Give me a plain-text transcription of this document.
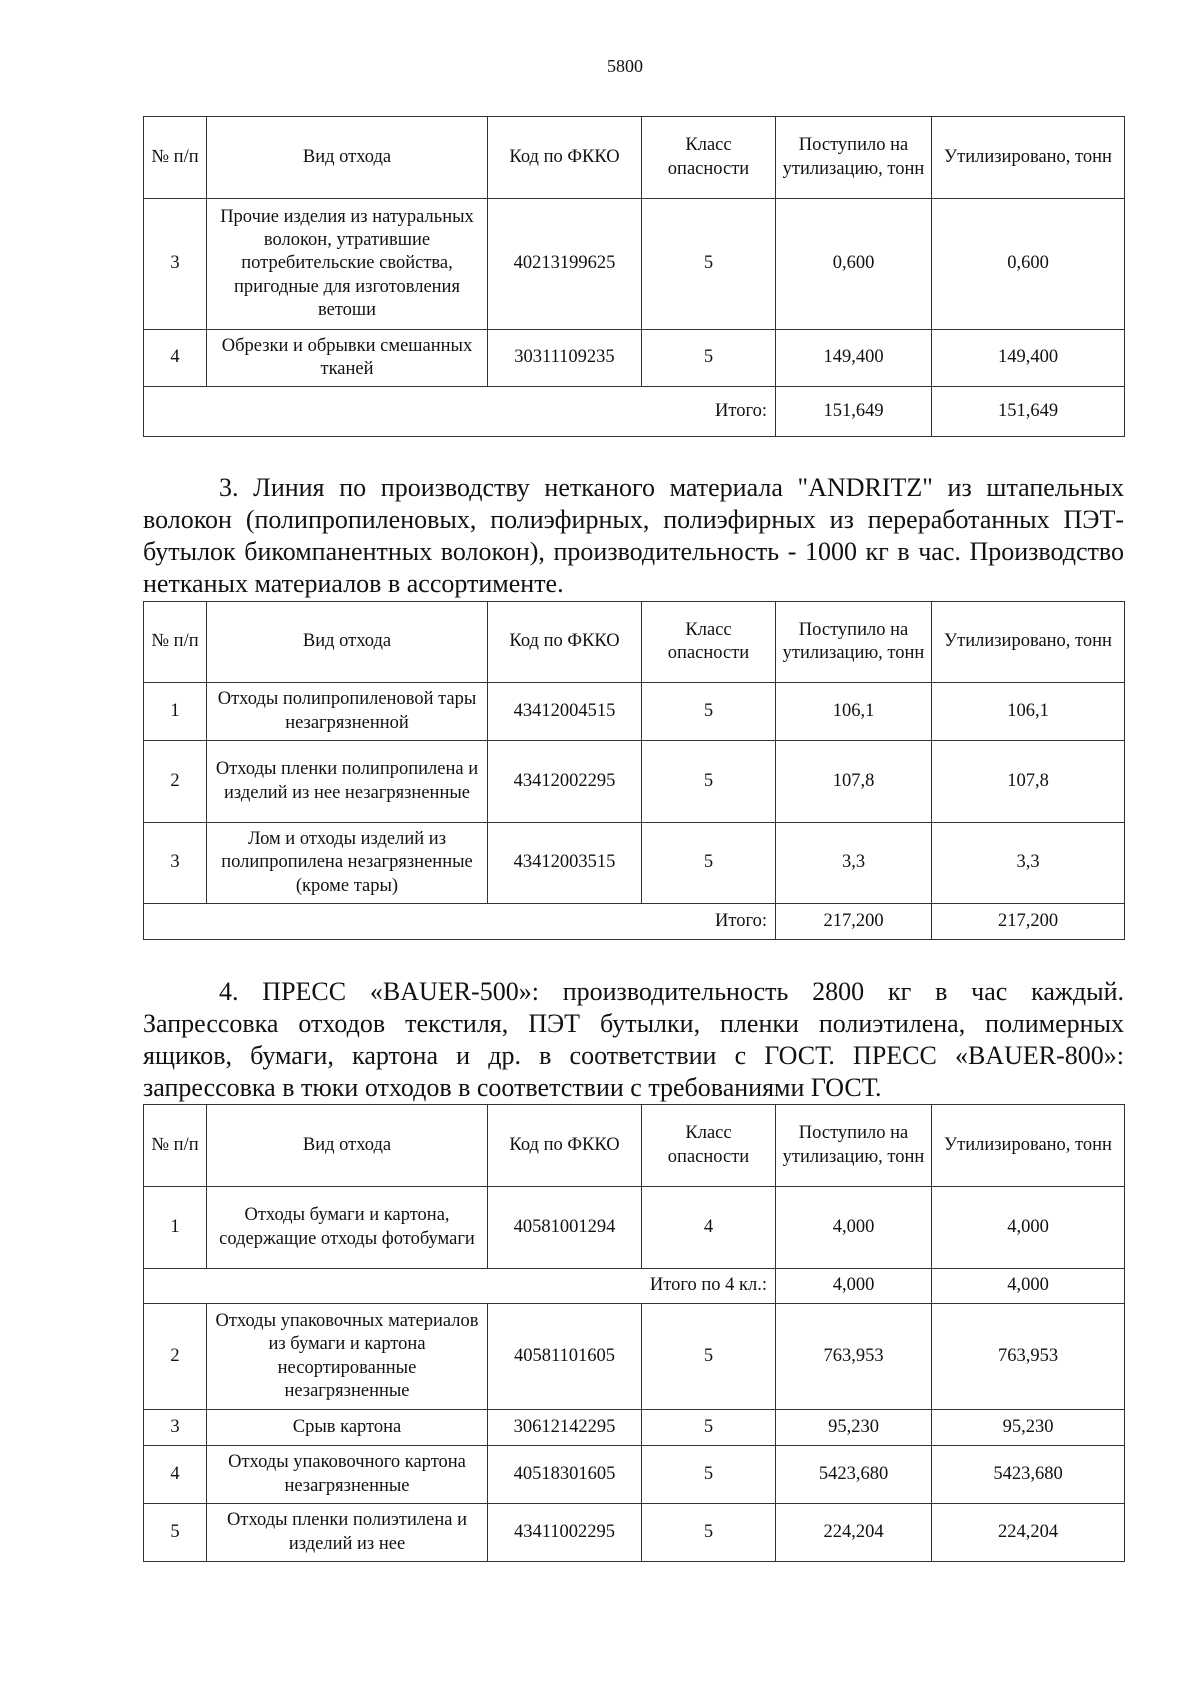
5800
№ п/п	Вид отхода	Код по ФККО	Класс опасности	Поступило на утилизацию, тонн	Утилизировано, тонн
3	Прочие изделия из натуральных волокон, утратившие потребительские свойства, пригодные для изготовления ветоши	40213199625	5	0,600	0,600
4	Обрезки и обрывки смешанных тканей	30311109235	5	149,400	149,400
Итого:				151,649	151,649

3. Линия по производству нетканого материала "ANDRITZ" из штапельных волокон (полипропиленовых, полиэфирных, полиэфирных из переработанных ПЭТ-бутылок бикомпанентных волокон), производительность - 1000 кг в час. Производство нетканых материалов в ассортименте.

№ п/п	Вид отхода	Код по ФККО	Класс опасности	Поступило на утилизацию, тонн	Утилизировано, тонн
1	Отходы полипропиленовой тары незагрязненной	43412004515	5	106,1	106,1
2	Отходы пленки полипропилена и изделий из нее незагрязненные	43412002295	5	107,8	107,8
3	Лом и отходы изделий из полипропилена незагрязненные (кроме тары)	43412003515	5	3,3	3,3
Итого:				217,200	217,200

4. ПРЕСС «BAUER-500»: производительность 2800 кг в час каждый. Запрессовка отходов текстиля, ПЭТ бутылки, пленки полиэтилена, полимерных ящиков, бумаги, картона и др. в соответствии с ГОСТ. ПРЕСС «BAUER-800»: запрессовка в тюки отходов в соответствии с требованиями ГОСТ.

№ п/п	Вид отхода	Код по ФККО	Класс опасности	Поступило на утилизацию, тонн	Утилизировано, тонн
1	Отходы бумаги и картона, содержащие отходы фотобумаги	40581001294	4	4,000	4,000
Итого по 4 кл.:				4,000	4,000
2	Отходы упаковочных материалов из бумаги и картона несортированные незагрязненные	40581101605	5	763,953	763,953
3	Срыв картона	30612142295	5	95,230	95,230
4	Отходы упаковочного картона незагрязненные	40518301605	5	5423,680	5423,680
5	Отходы пленки полиэтилена и изделий из нее	43411002295	5	224,204	224,204
